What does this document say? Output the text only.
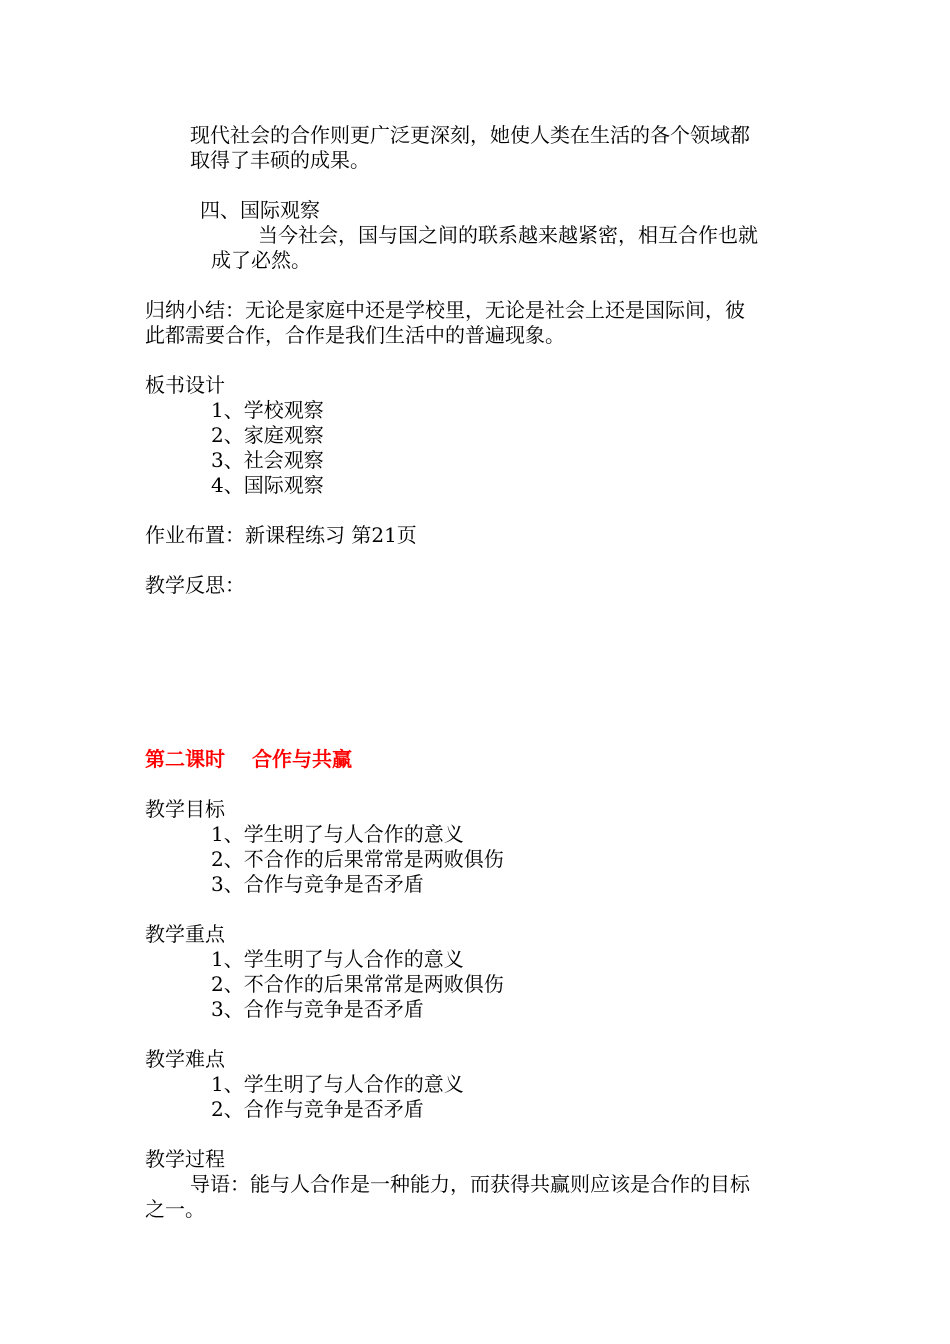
现代社会的合作则更广泛更深刻，她使人类在生活的各个领域都
取得了丰硕的成果。
四、国际观察
当今社会，国与国之间的联系越来越紧密，相互合作也就
成了必然。
归纳小结：无论是家庭中还是学校里，无论是社会上还是国际间，彼
此都需要合作，合作是我们生活中的普遍现象。
板书设计
1、学校观察
2、家庭观察
3、社会观察
4、国际观察
作业布置：新课程练习 第21页
教学反思：
第二课时　 合作与共赢
教学目标
1、学生明了与人合作的意义
2、不合作的后果常常是两败俱伤
3、合作与竞争是否矛盾
教学重点
1、学生明了与人合作的意义
2、不合作的后果常常是两败俱伤
3、合作与竞争是否矛盾
教学难点
1、学生明了与人合作的意义
2、合作与竞争是否矛盾
教学过程
导语：能与人合作是一种能力，而获得共赢则应该是合作的目标
之一。
